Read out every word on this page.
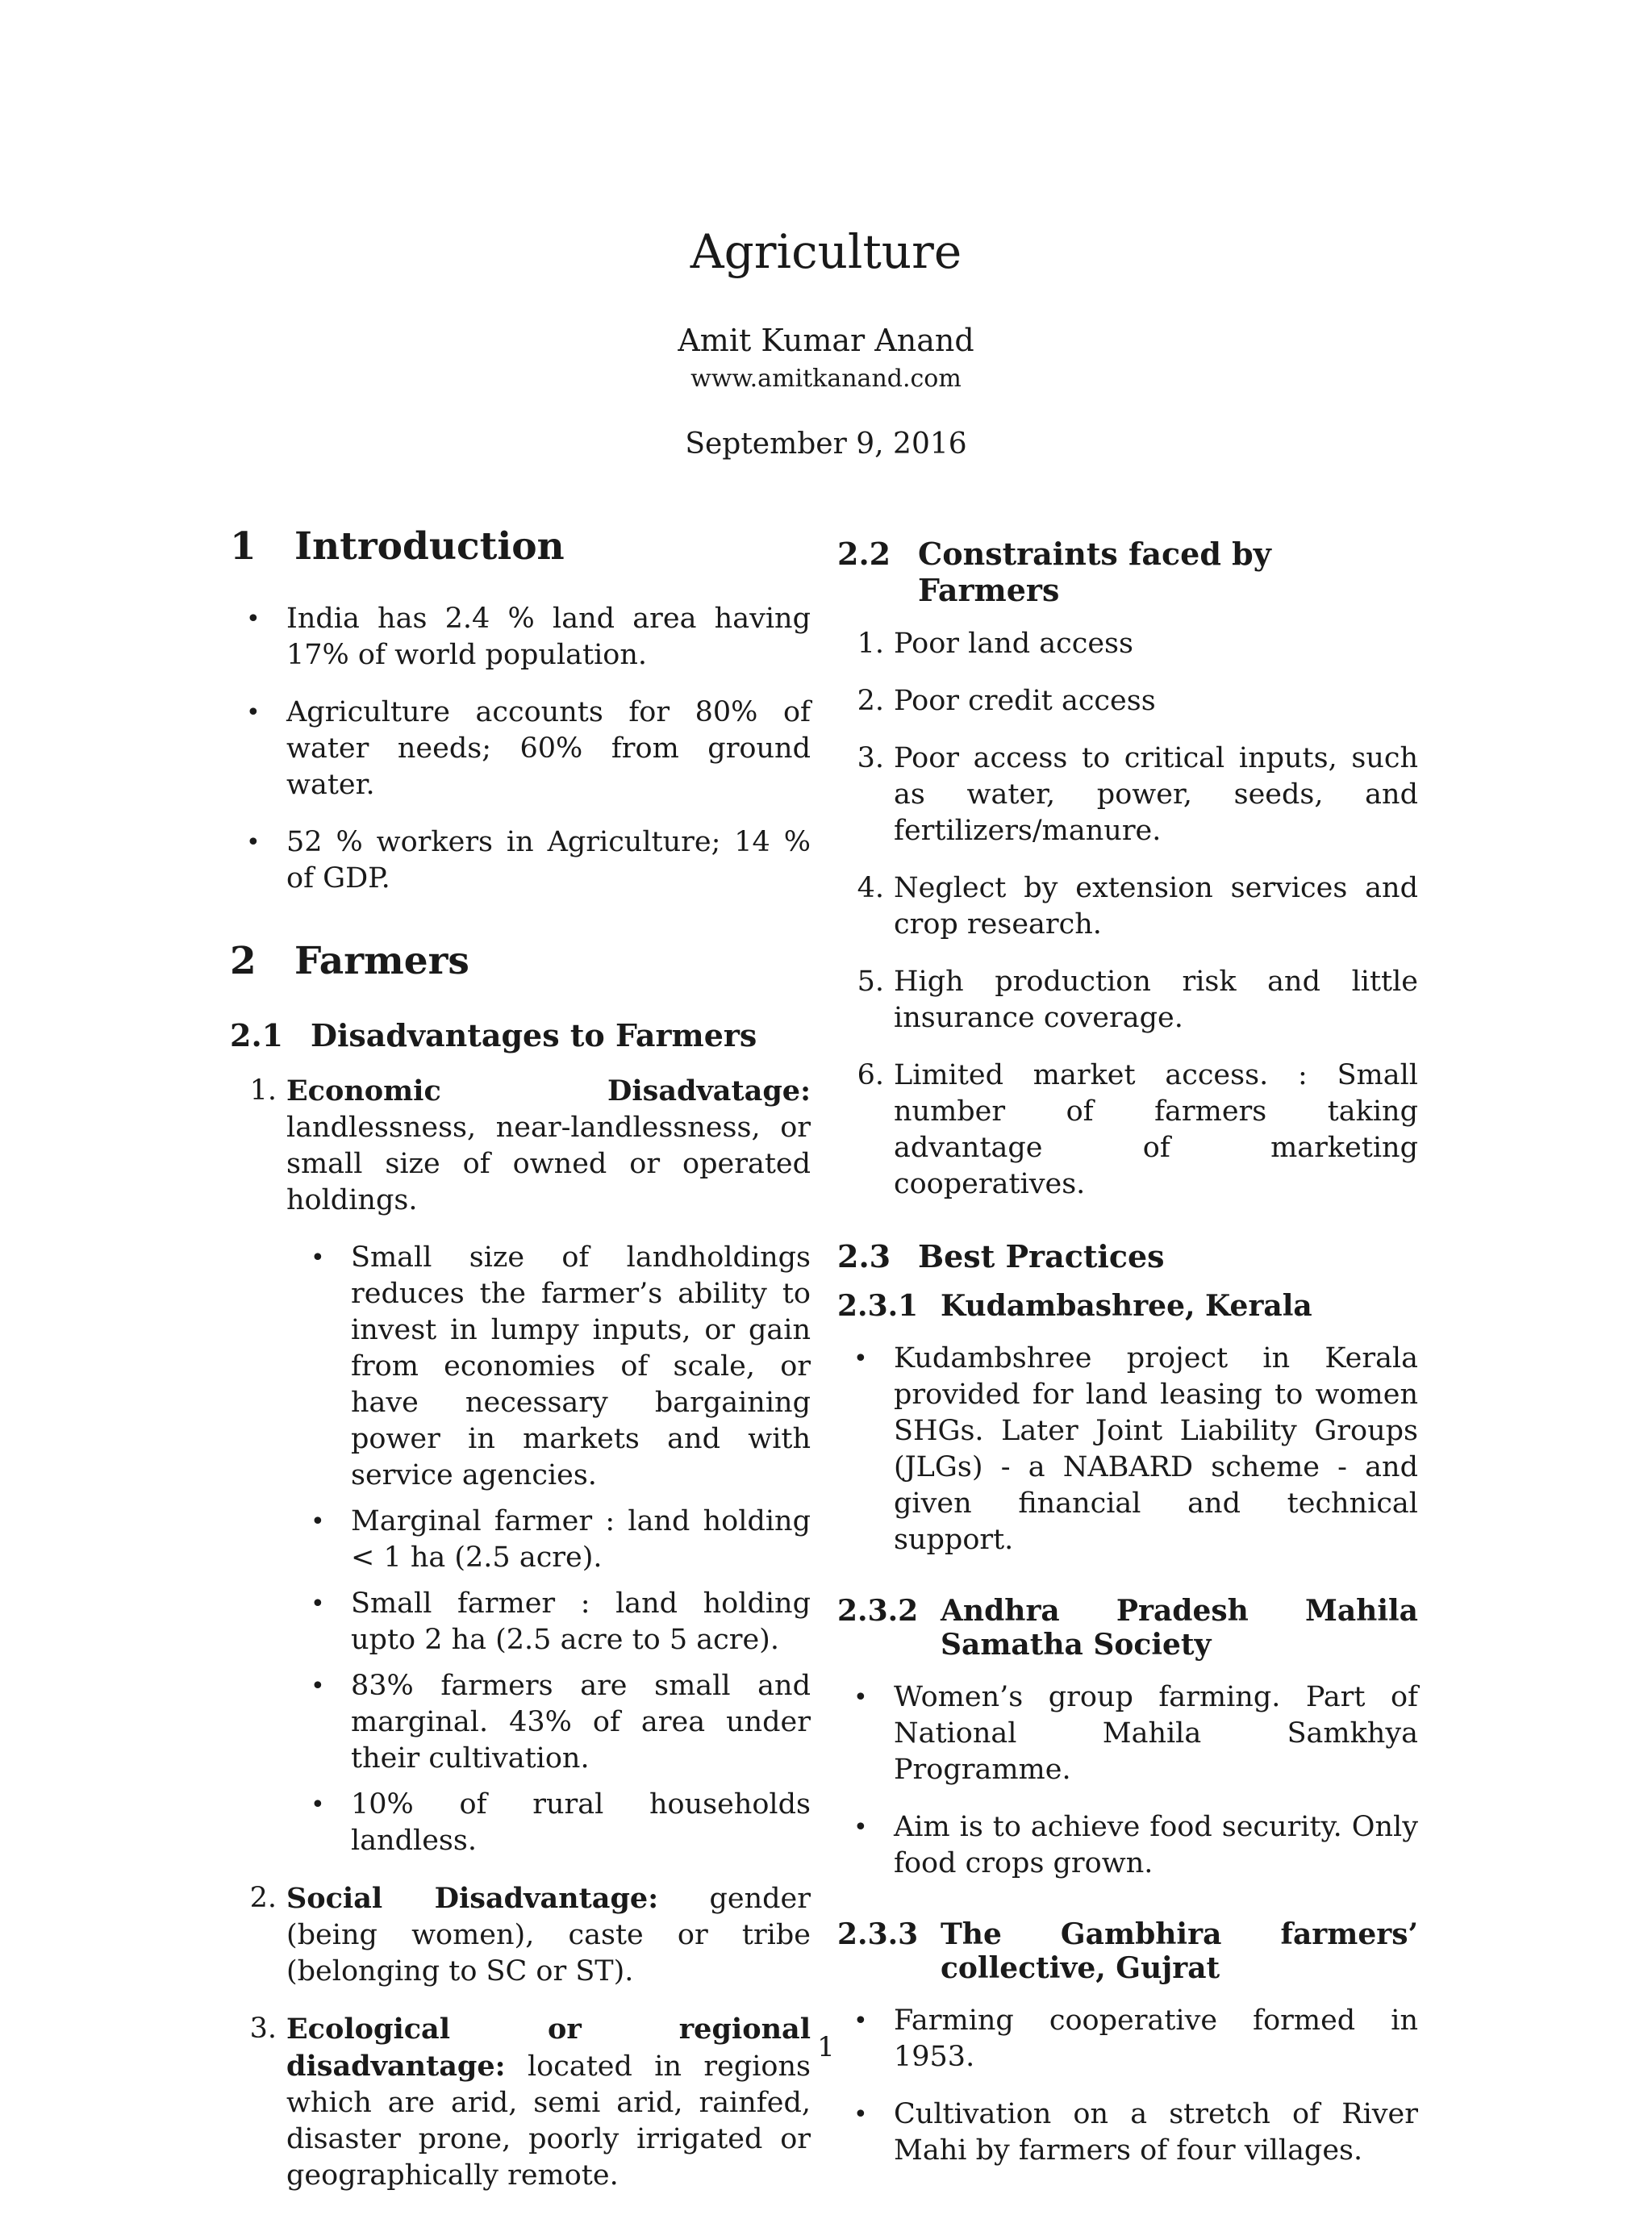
Agriculture
Amit Kumar Anand
www.amitkanand.com
September 9, 2016
1	Introduction
• India has 2.4 % land area having 17% of world population.
• Agriculture accounts for 80% of water needs; 60% from ground water.
• 52 % workers in Agriculture; 14 % of GDP.
2	Farmers
2.1 Disadvantages to Farmers
1. Economic Disadvatage: landlessness, near-landlessness, or small size of owned or operated holdings.
• Small size of landholdings reduces the farmer’s ability to invest in lumpy inputs, or gain from economies of scale, or have necessary bargaining power in markets and with service agencies.
• Marginal farmer : land holding < 1 ha (2.5 acre).
• Small farmer : land holding upto 2 ha (2.5 acre to 5 acre).
• 83% farmers are small and marginal. 43% of area under their cultivation.
• 10% of rural households landless.
2. Social Disadvantage: gender (being women), caste or tribe (belonging to SC or ST).
3. Ecological or regional disadvantage: located in regions which are arid, semi arid, rainfed, disaster prone, poorly irrigated or geographically remote.
2.2 Constraints faced by Farmers
1. Poor land access
2. Poor credit access
3. Poor access to critical inputs, such as water, power, seeds, and fertilizers/manure.
4. Neglect by extension services and crop research.
5. High production risk and little insurance coverage.
6. Limited market access. : Small number of farmers taking advantage of marketing cooperatives.
2.3 Best Practices
2.3.1 Kudambashree, Kerala
• Kudambshree project in Kerala provided for land leasing to women SHGs. Later Joint Liability Groups (JLGs) - a NABARD scheme - and given financial and technical support.
2.3.2 Andhra Pradesh Mahila Samatha Society
• Women’s group farming. Part of National Mahila Samkhya Programme.
• Aim is to achieve food security. Only food crops grown.
2.3.3 The Gambhira farmers’ collective, Gujrat
• Farming cooperative formed in 1953.
• Cultivation on a stretch of River Mahi by farmers of four villages.
1
